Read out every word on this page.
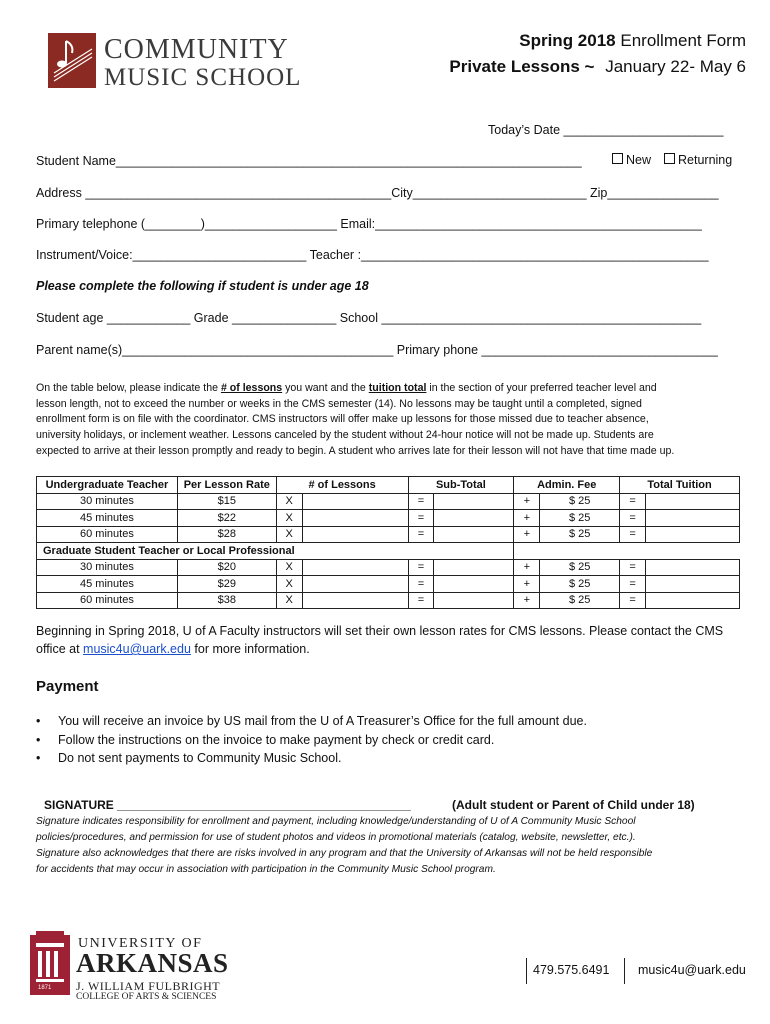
COMMUNITY
MUSIC SCHOOL
Spring 2018 Enrollment Form
Private Lessons ~ January 22- May 6
Today’s Date _______________________
Student Name___________________________________________________________________	New	Returning
Address ____________________________________________City_________________________ Zip________________
Primary telephone (________)___________________ Email:_______________________________________________
Instrument/Voice:_________________________ Teacher :__________________________________________________
Please complete the following if student is under age 18
Student age ____________ Grade _______________ School ______________________________________________
Parent name(s)_______________________________________ Primary phone __________________________________
On the table below, please indicate the # of lessons you want and the tuition total in the section of your preferred teacher level and
lesson length, not to exceed the number or weeks in the CMS semester (14). No lessons may be taught until a completed, signed
enrollment form is on file with the coordinator. CMS instructors will offer make up lessons for those missed due to teacher absence,
university holidays, or inclement weather. Lessons canceled by the student without 24-hour notice will not be made up. Students are
expected to arrive at their lesson promptly and ready to begin. A student who arrives late for their lesson will not have that time made up.
Undergraduate Teacher	Per Lesson Rate	# of Lessons		Sub-Total		Admin. Fee		Total Tuition	
30 minutes	$15	X		=		+	$ 25	=	
45 minutes	$22	X		=		+	$ 25	=	
60 minutes	$28	X		=		+	$ 25	=	
Graduate Student Teacher or Local Professional									
30 minutes	$20	X		=		+	$ 25	=	
45 minutes	$29	X		=		+	$ 25	=	
60 minutes	$38	X		=		+	$ 25	=	
Beginning in Spring 2018, U of A Faculty instructors will set their own lesson rates for CMS lessons. Please contact the CMS
office at music4u@uark.edu for more information.
Payment
• You will receive an invoice by US mail from the U of A Treasurer’s Office for the full amount due.
• Follow the instructions on the invoice to make payment by check or credit card.
• Do not sent payments to Community Music School.
SIGNATURE ____________________________________________	(Adult student or Parent of Child under 18)
Signature indicates responsibility for enrollment and payment, including knowledge/understanding of U of A Community Music School
policies/procedures, and permission for use of student photos and videos in promotional materials (catalog, website, newsletter, etc.).
Signature also acknowledges that there are risks involved in any program and that the University of Arkansas will not be held responsible
for accidents that may occur in association with participation in the Community Music School program.
1871
UNIVERSITY OF
ARKANSAS
J. WILLIAM FULBRIGHT
COLLEGE OF ARTS & SCIENCES
479.575.6491 music4u@uark.edu
